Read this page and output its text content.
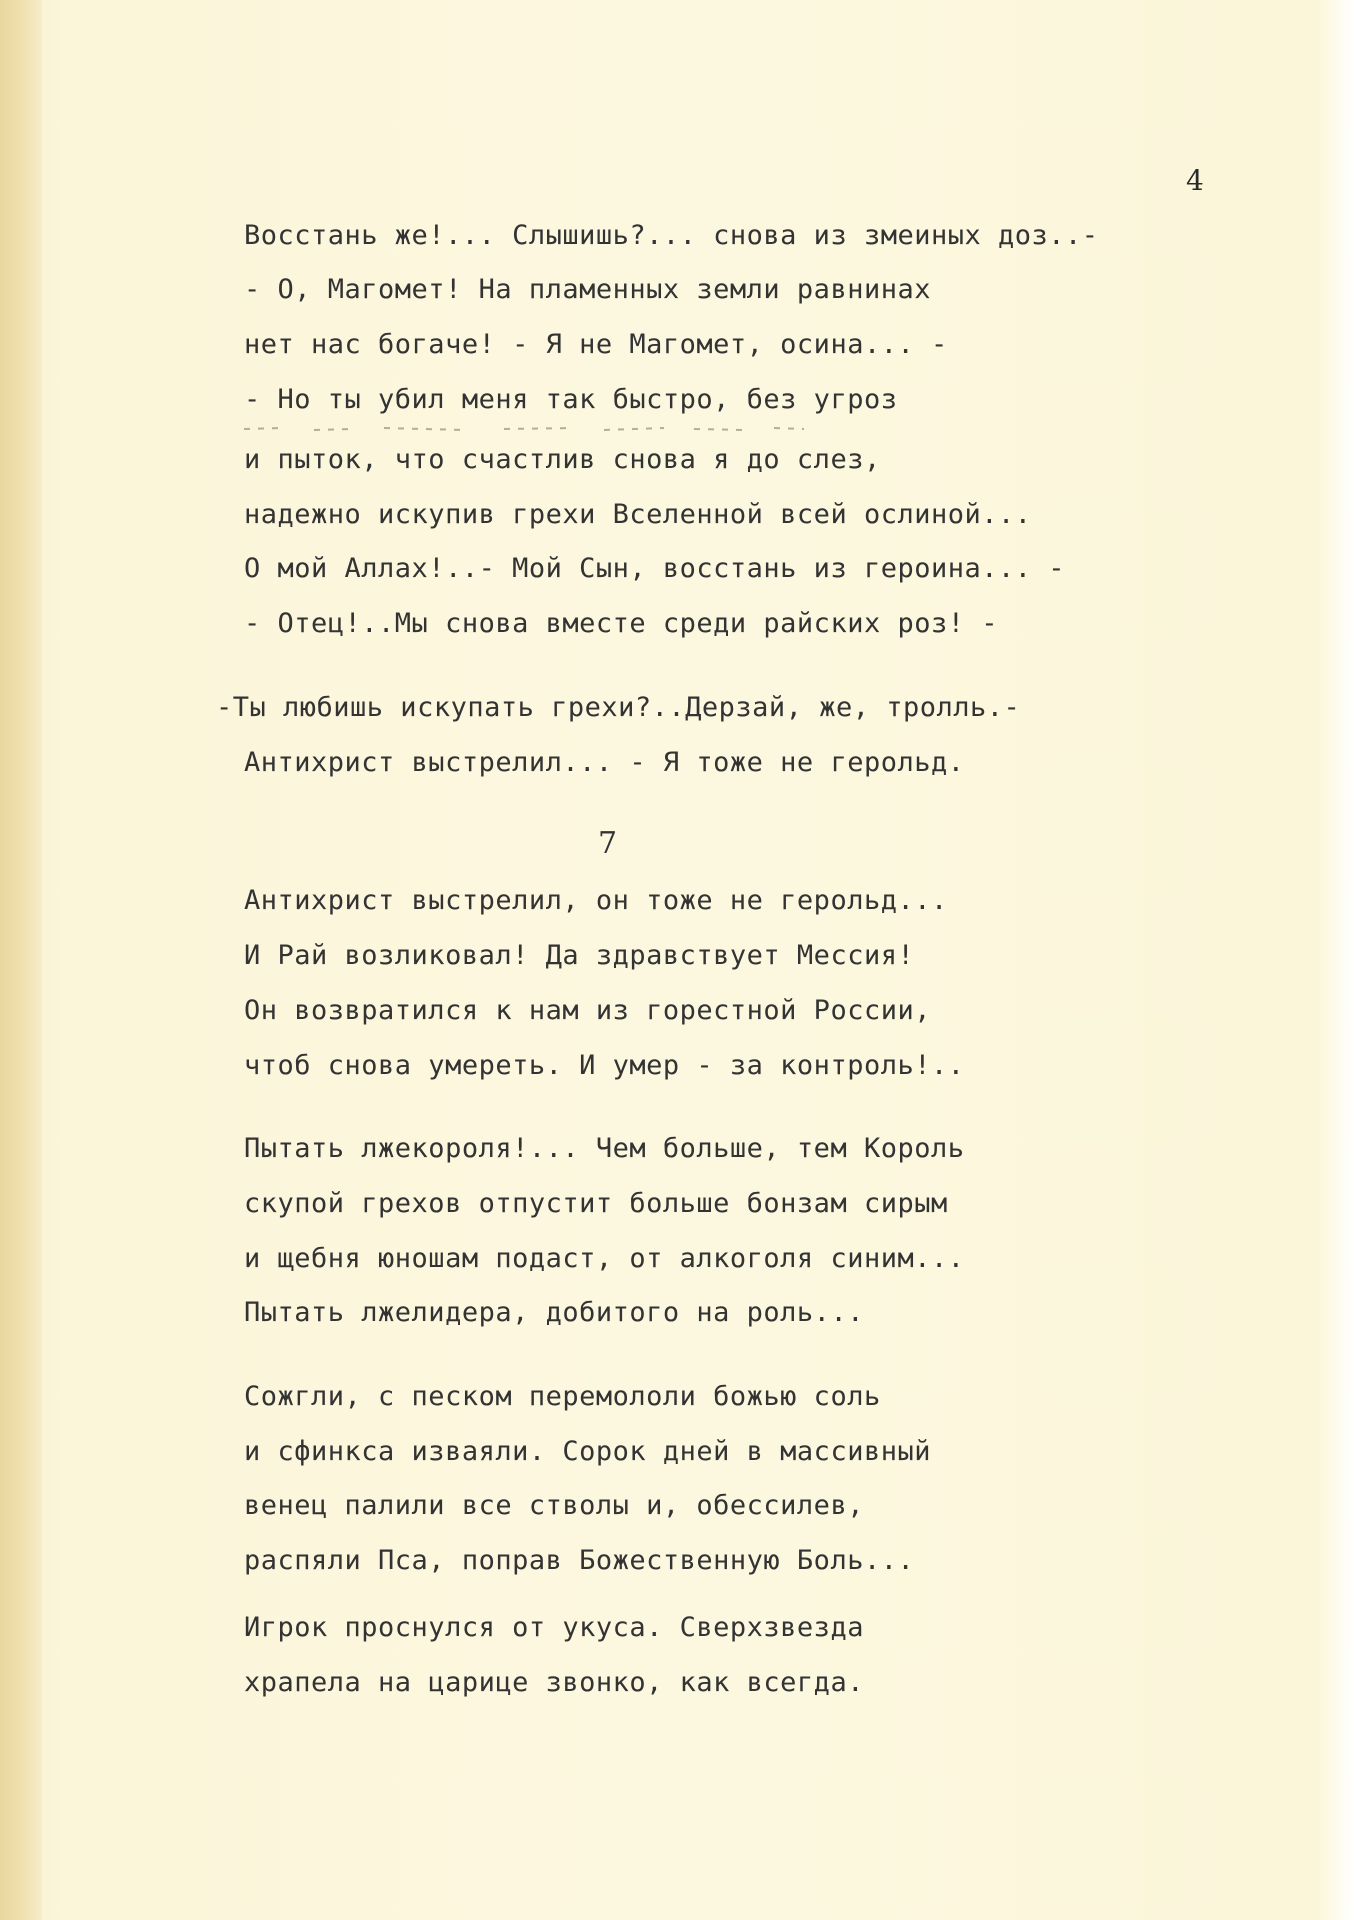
4
Восстань же!... Слышишь?... снова из змеиных доз..-
- О, Магомет! На пламенных земли равнинах
нет нас богаче! - Я не Магомет, осина... -
- Но ты убил меня так быстро, без угроз
и пыток, что счастлив снова я до слез,
надежно искупив греxи Вселенной всей ослиной...
О мой Аллах!..- Мой Сын, восстань из героина... -
- Отец!..Мы снова вместе среди райских роз! -
-Ты любишь искупать грехи?..Дерзай, же, тролль.-
Антихрист выстрелил... - Я тоже не герольд.
7
Антихрист выстрелил, он тоже не герольд...
И Рай возликовал! Да здравствует Мессия!
Он возвратился к нам из горестной России,
чтоб снова умереть. И умер - за контроль!..
Пытать лжекороля!... Чем больше, тем Король
скупой грехов отпустит больше бонзам сирым
и щебня юношам подаст, от алкоголя синим...
Пытать лжелидера, добитого на роль...
Сожгли, с песком перемололи божью соль
и сфинкса изваяли. Сорок дней в массивный
венец палили все стволы и, обессилев,
распяли Пса, поправ Божественную Боль...
Игрок проснулся от укуса. Сверхзвезда
храпела на царице звонко, как всегда.
